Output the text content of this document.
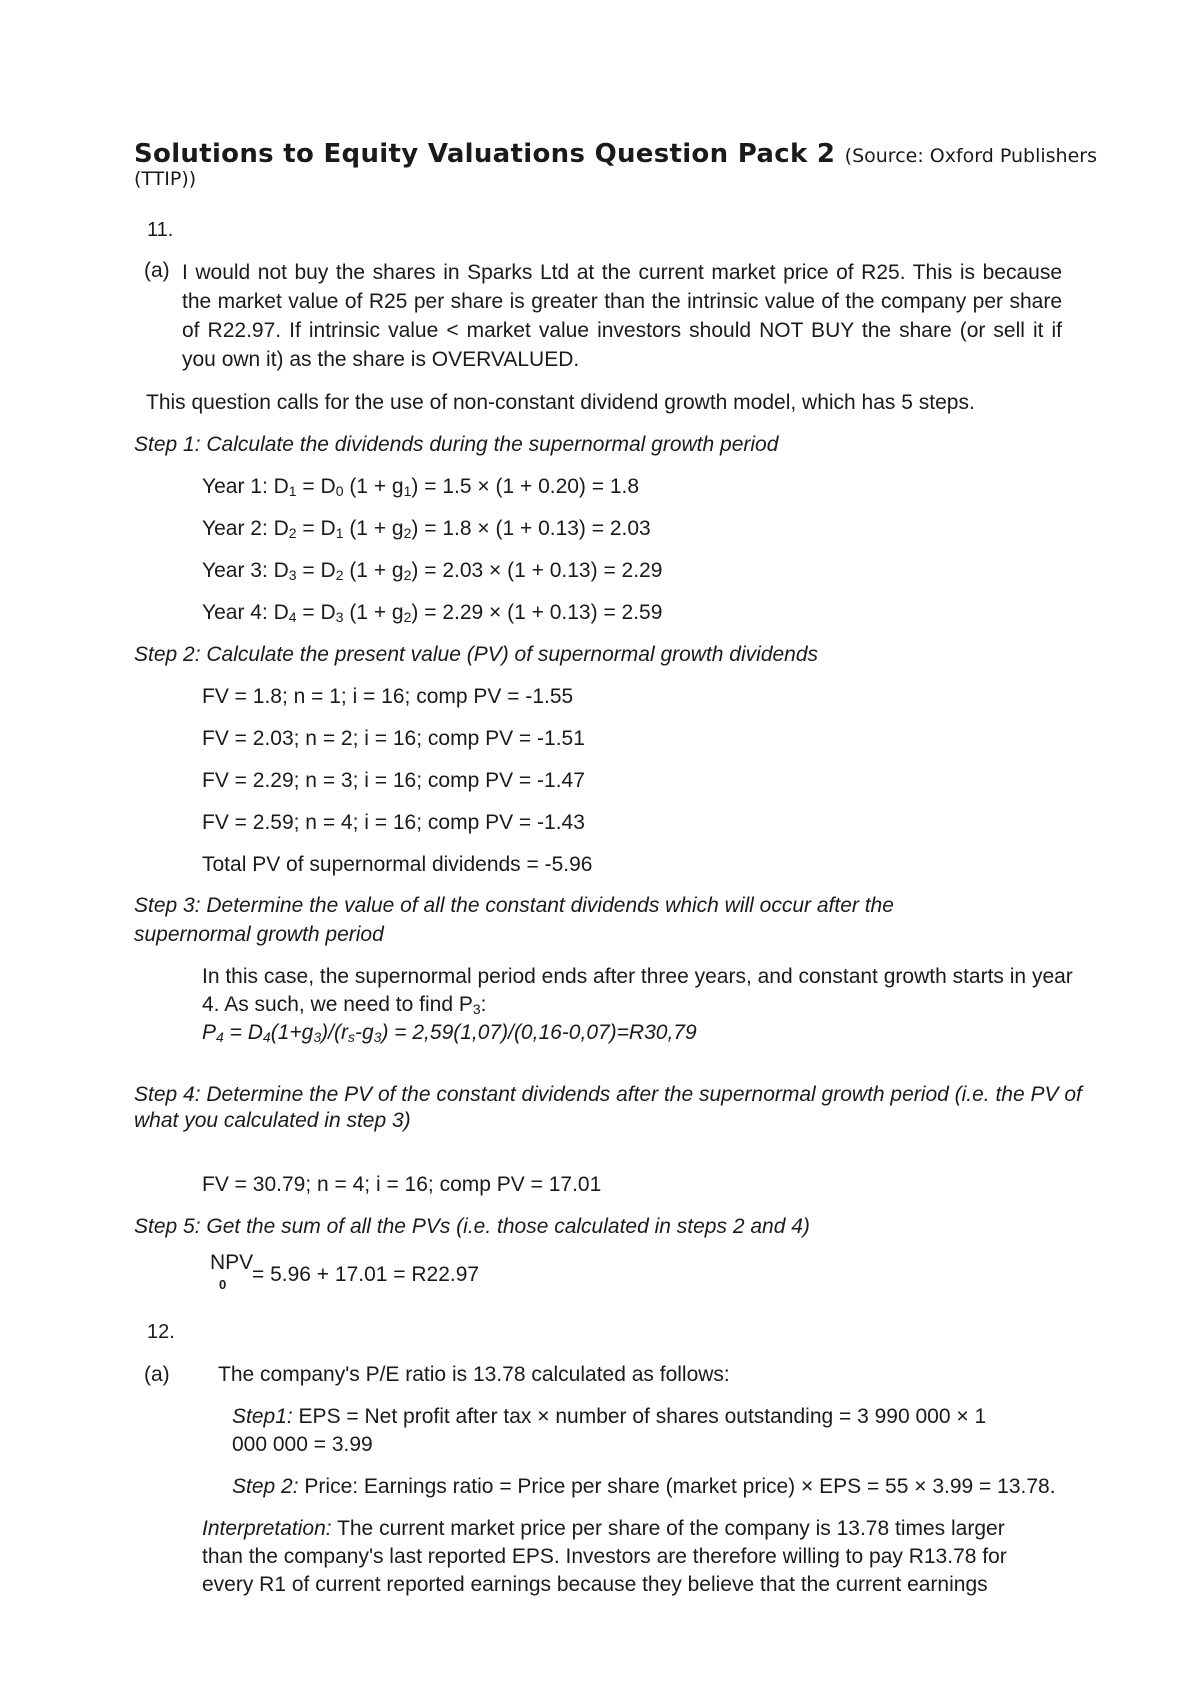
Solutions to Equity Valuations Question Pack 2 (Source: Oxford Publishers
(TTIP))
11.
(a) I would not buy the shares in Sparks Ltd at the current market price of R25. This is because the market value of R25 per share is greater than the intrinsic value of the company per share of R22.97. If intrinsic value < market value investors should NOT BUY the share (or sell it if you own it) as the share is OVERVALUED.
This question calls for the use of non-constant dividend growth model, which has 5 steps.
Step 1: Calculate the dividends during the supernormal growth period
Year 1: $D_1 = D_0$ $(1 + g_1) = 1.5 \times (1 + 0.20) = 1.8$
Year 2: $D_2 = D_1$ $(1 + g_2) = 1.8 \times (1 + 0.13) = 2.03$
Year 3: $D_3 = D_2$ $(1 + g_2) = 2.03 \times (1 + 0.13) = 2.29$
Year 4: $D_4 = D_3$ $(1 + g_2) = 2.29 \times (1 + 0.13) = 2.59$
Step 2: Calculate the present value (PV) of supernormal growth dividends
FV = 1.8; n = 1; i = 16; comp PV = -1.55
FV = 2.03; n = 2; i = 16; comp PV = -1.51
FV = 2.29; n = 3; i = 16; comp PV = -1.47
FV = 2.59; n = 4; i = 16; comp PV = -1.43
Total PV of supernormal dividends = -5.96
Step 3: Determine the value of all the constant dividends which will occur after the
supernormal growth period
In this case, the supernormal period ends after three years, and constant growth starts in year
4. As such, we need to find $P_3$:
$P_4 = D_4(1+g_3)/(r_s-g_3) = 2,59(1,07)/(0,16-0,07)=R30,79$
Step 4: Determine the PV of the constant dividends after the supernormal growth period (i.e. the PV of
what you calculated in step 3)
FV = 30.79; n = 4; i = 16; comp PV = 17.01
Step 5: Get the sum of all the PVs (i.e. those calculated in steps 2 and 4)
NPV
0 = 5.96 + 17.01 = R22.97
12.
(a) The company's P/E ratio is 13.78 calculated as follows:
Step1: EPS = Net profit after tax × number of shares outstanding = 3 990 000 × 1
000 000 = 3.99
Step 2: Price: Earnings ratio = Price per share (market price) × EPS = 55 × 3.99 = 13.78.
Interpretation: The current market price per share of the company is 13.78 times larger
than the company's last reported EPS. Investors are therefore willing to pay R13.78 for
every R1 of current reported earnings because they believe that the current earnings
